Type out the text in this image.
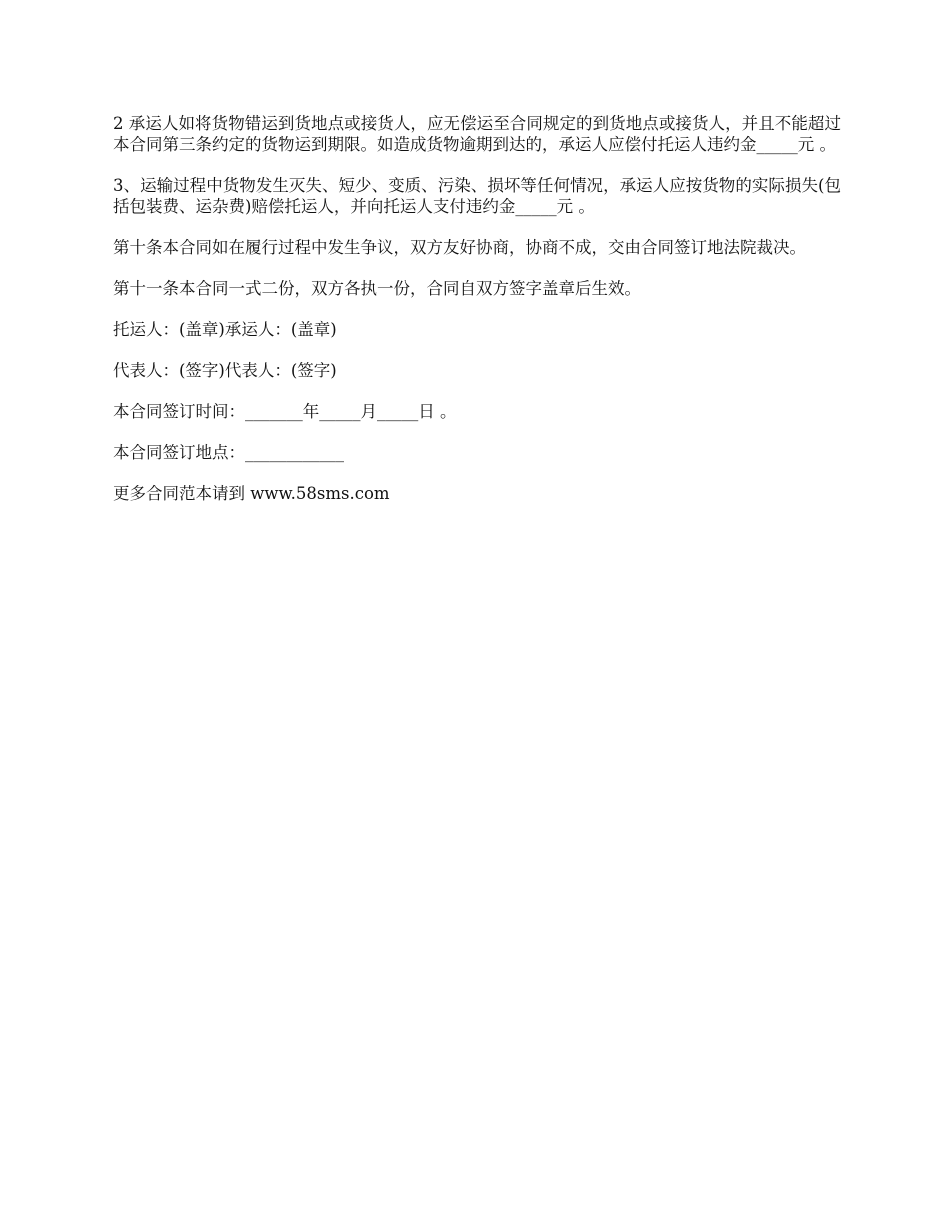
2 承运人如将货物错运到货地点或接货人，应无偿运至合同规定的到货地点或接货人，并且不能超过本合同第三条约定的货物运到期限。如造成货物逾期到达的，承运人应偿付托运人违约金_____元 。

3、运输过程中货物发生灭失、短少、变质、污染、损坏等任何情况，承运人应按货物的实际损失(包括包装费、运杂费)赔偿托运人，并向托运人支付违约金_____元 。

第十条本合同如在履行过程中发生争议，双方友好协商，协商不成，交由合同签订地法院裁决。

第十一条本合同一式二份，双方各执一份，合同自双方签字盖章后生效。

托运人：(盖章)承运人：(盖章)

代表人：(签字)代表人：(签字)

本合同签订时间：_______年_____月_____日 。

本合同签订地点：____________

更多合同范本请到 www.58sms.com
